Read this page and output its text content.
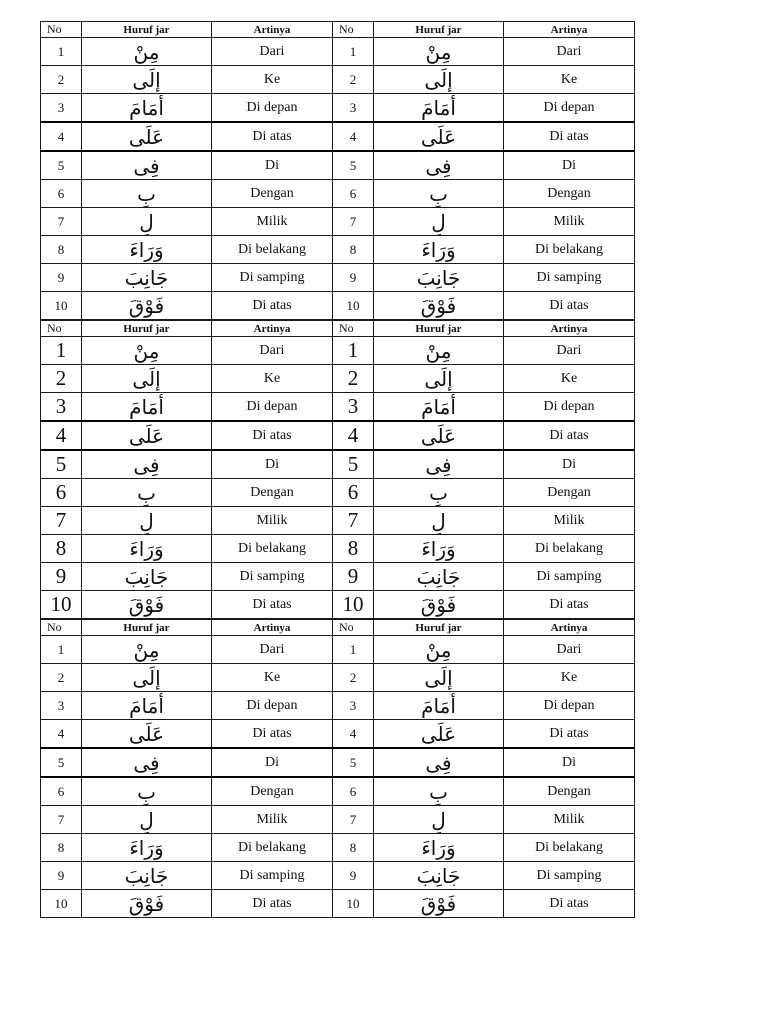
No	Huruf jar	Artinya	No	Huruf jar	Artinya
1	مِنْ	Dari	1	مِنْ	Dari
2	إِلَى	Ke	2	إِلَى	Ke
3	أَمَامَ	Di depan	3	أَمَامَ	Di depan
4	عَلَى	Di atas	4	عَلَى	Di atas
5	فِى	Di	5	فِى	Di
6	بِ	Dengan	6	بِ	Dengan
7	لِ	Milik	7	لِ	Milik
8	وَرَاءَ	Di belakang	8	وَرَاءَ	Di belakang
9	جَانِبَ	Di samping	9	جَانِبَ	Di samping
10	فَوْقَ	Di atas	10	فَوْقَ	Di atas
No	Huruf jar	Artinya	No	Huruf jar	Artinya
1	مِنْ	Dari	1	مِنْ	Dari
2	إِلَى	Ke	2	إِلَى	Ke
3	أَمَامَ	Di depan	3	أَمَامَ	Di depan
4	عَلَى	Di atas	4	عَلَى	Di atas
5	فِى	Di	5	فِى	Di
6	بِ	Dengan	6	بِ	Dengan
7	لِ	Milik	7	لِ	Milik
8	وَرَاءَ	Di belakang	8	وَرَاءَ	Di belakang
9	جَانِبَ	Di samping	9	جَانِبَ	Di samping
10	فَوْقَ	Di atas	10	فَوْقَ	Di atas
No	Huruf jar	Artinya	No	Huruf jar	Artinya
1	مِنْ	Dari	1	مِنْ	Dari
2	إِلَى	Ke	2	إِلَى	Ke
3	أَمَامَ	Di depan	3	أَمَامَ	Di depan
4	عَلَى	Di atas	4	عَلَى	Di atas
5	فِى	Di	5	فِى	Di
6	بِ	Dengan	6	بِ	Dengan
7	لِ	Milik	7	لِ	Milik
8	وَرَاءَ	Di belakang	8	وَرَاءَ	Di belakang
9	جَانِبَ	Di samping	9	جَانِبَ	Di samping
10	فَوْقَ	Di atas	10	فَوْقَ	Di atas
